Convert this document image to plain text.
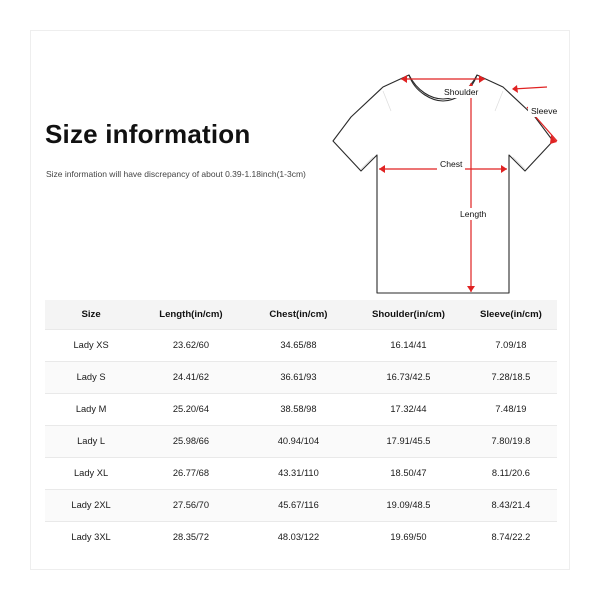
Size information
Size information will have discrepancy of about 0.39-1.18inch(1-3cm)
Shoulder
Sleeve
Chest
Length
Size	Length(in/cm)	Chest(in/cm)	Shoulder(in/cm)	Sleeve(in/cm)
Lady XS	23.62/60	34.65/88	16.14/41	7.09/18
Lady S	24.41/62	36.61/93	16.73/42.5	7.28/18.5
Lady M	25.20/64	38.58/98	17.32/44	7.48/19
Lady L	25.98/66	40.94/104	17.91/45.5	7.80/19.8
Lady XL	26.77/68	43.31/110	18.50/47	8.11/20.6
Lady 2XL	27.56/70	45.67/116	19.09/48.5	8.43/21.4
Lady 3XL	28.35/72	48.03/122	19.69/50	8.74/22.2
